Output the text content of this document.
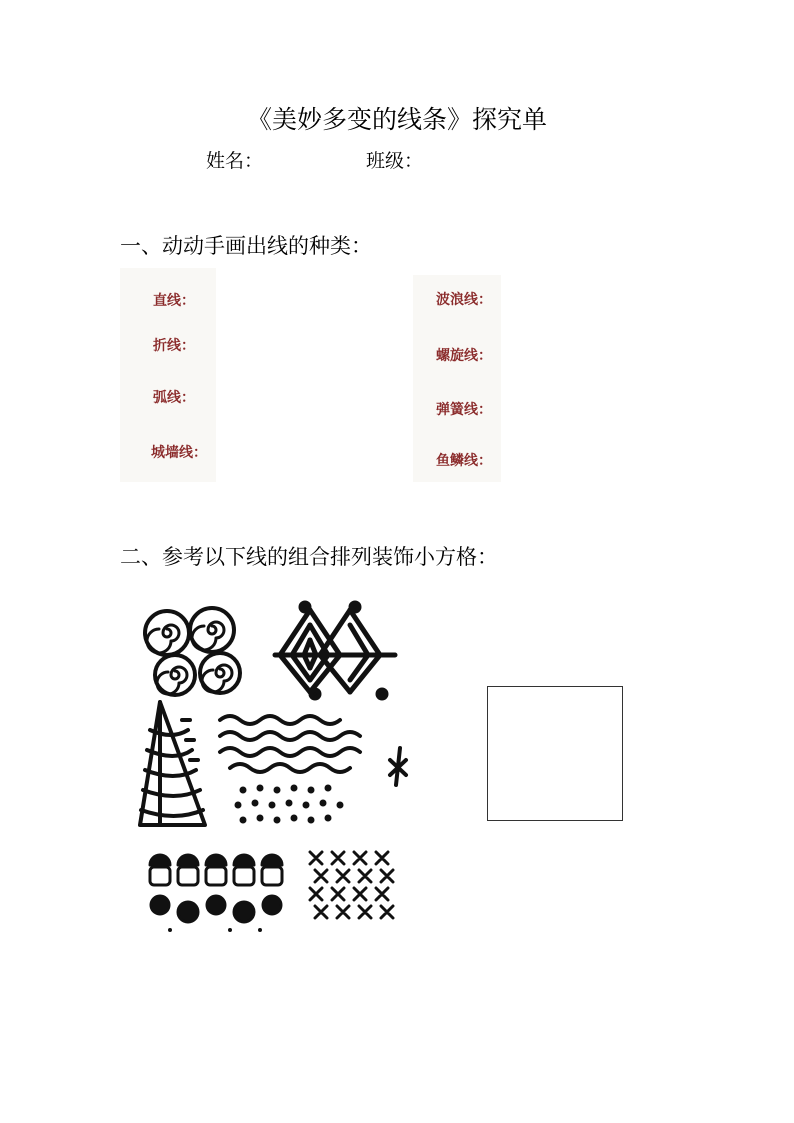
《美妙多变的线条》探究单
姓名：	班级：
一、动动手画出线的种类：
直线：
折线：
弧线：
城墙线：
波浪线：
螺旋线：
弹簧线：
鱼鳞线：
二、参考以下线的组合排列装饰小方格：
